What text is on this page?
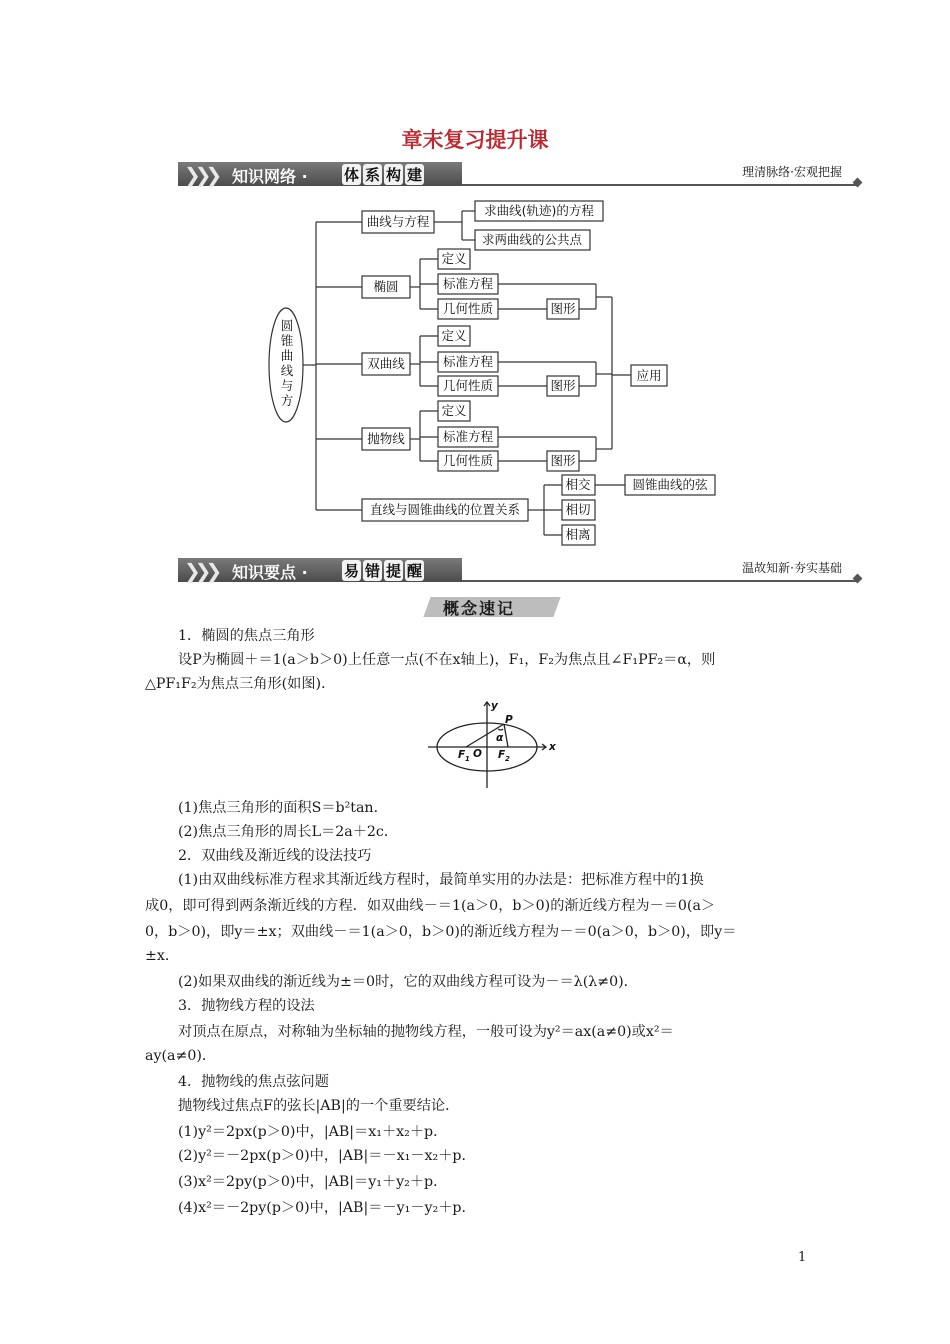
章末复习提升课
❯❯❯ 知识网络 · 体 系 构 建	理清脉络·宏观把握
圆锥曲线与方
曲线与方程
求曲线(轨迹)的方程
求两曲线的公共点
椭圆
定义
标准方程
几何性质	图形
双曲线
定义
标准方程
几何性质	图形
抛物线
定义
标准方程
几何性质	图形
应用
直线与圆锥曲线的位置关系
相交
相切
相离
圆锥曲线的弦
❯❯❯ 知识要点 · 易 错 提 醒	温故知新·夯实基础
概念速记
1．椭圆的焦点三角形
设P为椭圆＋＝1(a＞b＞0)上任意一点(不在x轴上)，F₁，F₂为焦点且∠F₁PF₂＝α，则
△PF₁F₂为焦点三角形(如图)．
y
x
P
α
F 1 O F 2
(1)焦点三角形的面积S＝b²tan．
(2)焦点三角形的周长L＝2a＋2c．
2．双曲线及渐近线的设法技巧
(1)由双曲线标准方程求其渐近线方程时，最简单实用的办法是：把标准方程中的1换
成0，即可得到两条渐近线的方程．如双曲线－＝1(a＞0，b＞0)的渐近线方程为－＝0(a＞
0，b＞0)，即y＝±x；双曲线－＝1(a＞0，b＞0)的渐近线方程为－＝0(a＞0，b＞0)，即y＝
±x．
(2)如果双曲线的渐近线为±＝0时，它的双曲线方程可设为－＝λ(λ≠0)．
3．抛物线方程的设法
对顶点在原点，对称轴为坐标轴的抛物线方程，一般可设为y²＝ax(a≠0)或x²＝
ay(a≠0)．
4．抛物线的焦点弦问题
抛物线过焦点F的弦长|AB|的一个重要结论．
(1)y²＝2px(p＞0)中，|AB|＝x₁＋x₂＋p．
(2)y²＝－2px(p＞0)中，|AB|＝－x₁－x₂＋p．
(3)x²＝2py(p＞0)中，|AB|＝y₁＋y₂＋p．
(4)x²＝－2py(p＞0)中，|AB|＝－y₁－y₂＋p．
1
